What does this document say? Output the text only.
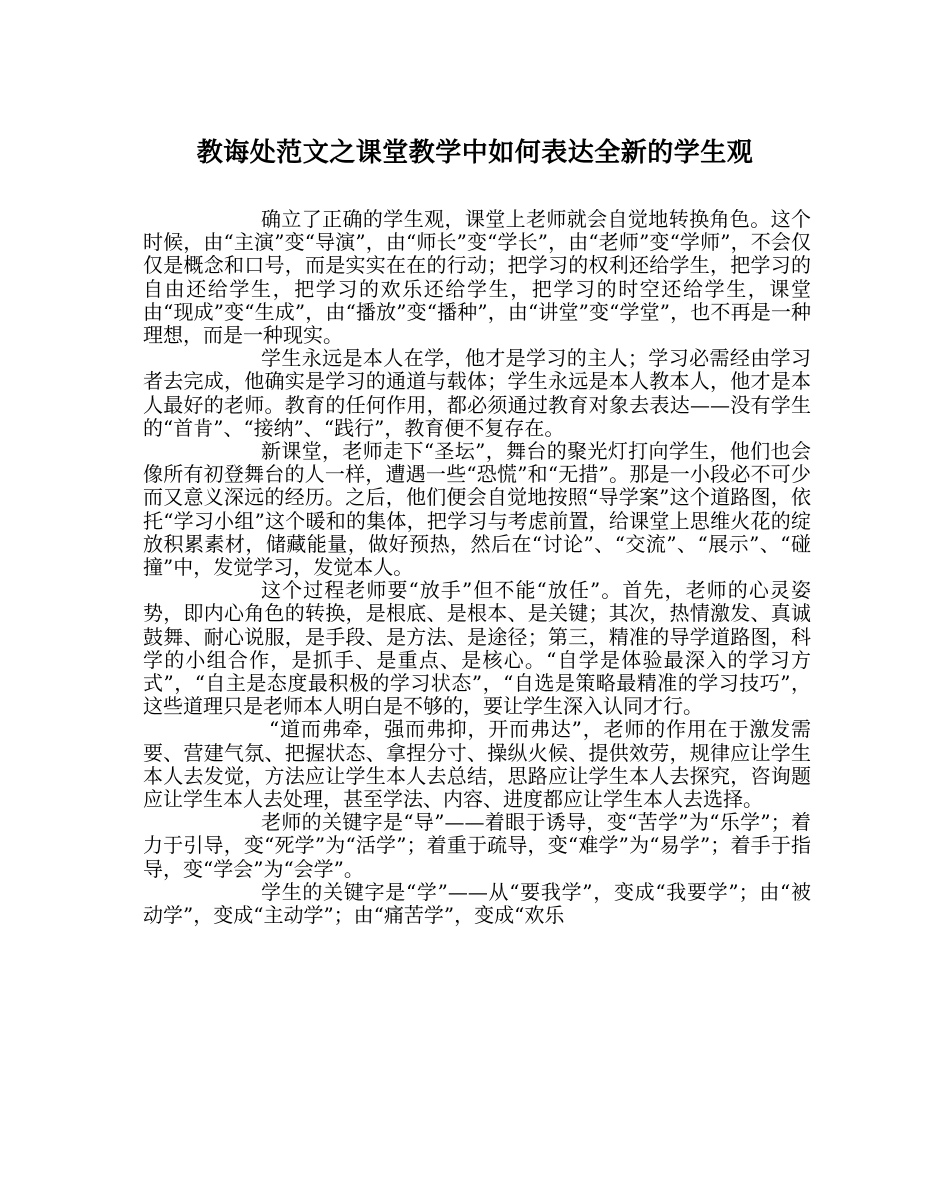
教诲处范文之课堂教学中如何表达全新的学生观

确立了正确的学生观，课堂上老师就会自觉地转换角色。这个时候，由“主演”变“导演”，由“师长”变“学长”，由“老师”变“学师”，不会仅仅是概念和口号，而是实实在在的行动；把学习的权利还给学生，把学习的自由还给学生，把学习的欢乐还给学生，把学习的时空还给学生，课堂由“现成”变“生成”，由“播放”变“播种”，由“讲堂”变“学堂”，也不再是一种理想，而是一种现实。

学生永远是本人在学，他才是学习的主人；学习必需经由学习者去完成，他确实是学习的通道与载体；学生永远是本人教本人，他才是本人最好的老师。教育的任何作用，都必须通过教育对象去表达——没有学生的“首肯”、“接纳”、“践行”，教育便不复存在。

新课堂，老师走下“圣坛”，舞台的聚光灯打向学生，他们也会像所有初登舞台的人一样，遭遇一些“恐慌”和“无措”。那是一小段必不可少而又意义深远的经历。之后，他们便会自觉地按照“导学案”这个道路图，依托“学习小组”这个暖和的集体，把学习与考虑前置，给课堂上思维火花的绽放积累素材，储藏能量，做好预热，然后在“讨论”、“交流”、“展示”、“碰撞”中，发觉学习，发觉本人。

这个过程老师要“放手”但不能“放任”。首先，老师的心灵姿势，即内心角色的转换，是根底、是根本、是关键；其次，热情激发、真诚鼓舞、耐心说服，是手段、是方法、是途径；第三，精准的导学道路图，科学的小组合作，是抓手、是重点、是核心。“自学是体验最深入的学习方式”，“自主是态度最积极的学习状态”，“自选是策略最精准的学习技巧”，这些道理只是老师本人明白是不够的，要让学生深入认同才行。

“道而弗牵，强而弗抑，开而弗达”，老师的作用在于激发需要、营建气氛、把握状态、拿捏分寸、操纵火候、提供效劳，规律应让学生本人去发觉，方法应让学生本人去总结，思路应让学生本人去探究，咨询题应让学生本人去处理，甚至学法、内容、进度都应让学生本人去选择。

老师的关键字是“导”——着眼于诱导，变“苦学”为“乐学”；着力于引导，变“死学”为“活学”；着重于疏导，变“难学”为“易学”；着手于指导，变“学会”为“会学”。

学生的关键字是“学”——从“要我学”，变成“我要学”；由“被动学”，变成“主动学”；由“痛苦学”，变成“欢乐
